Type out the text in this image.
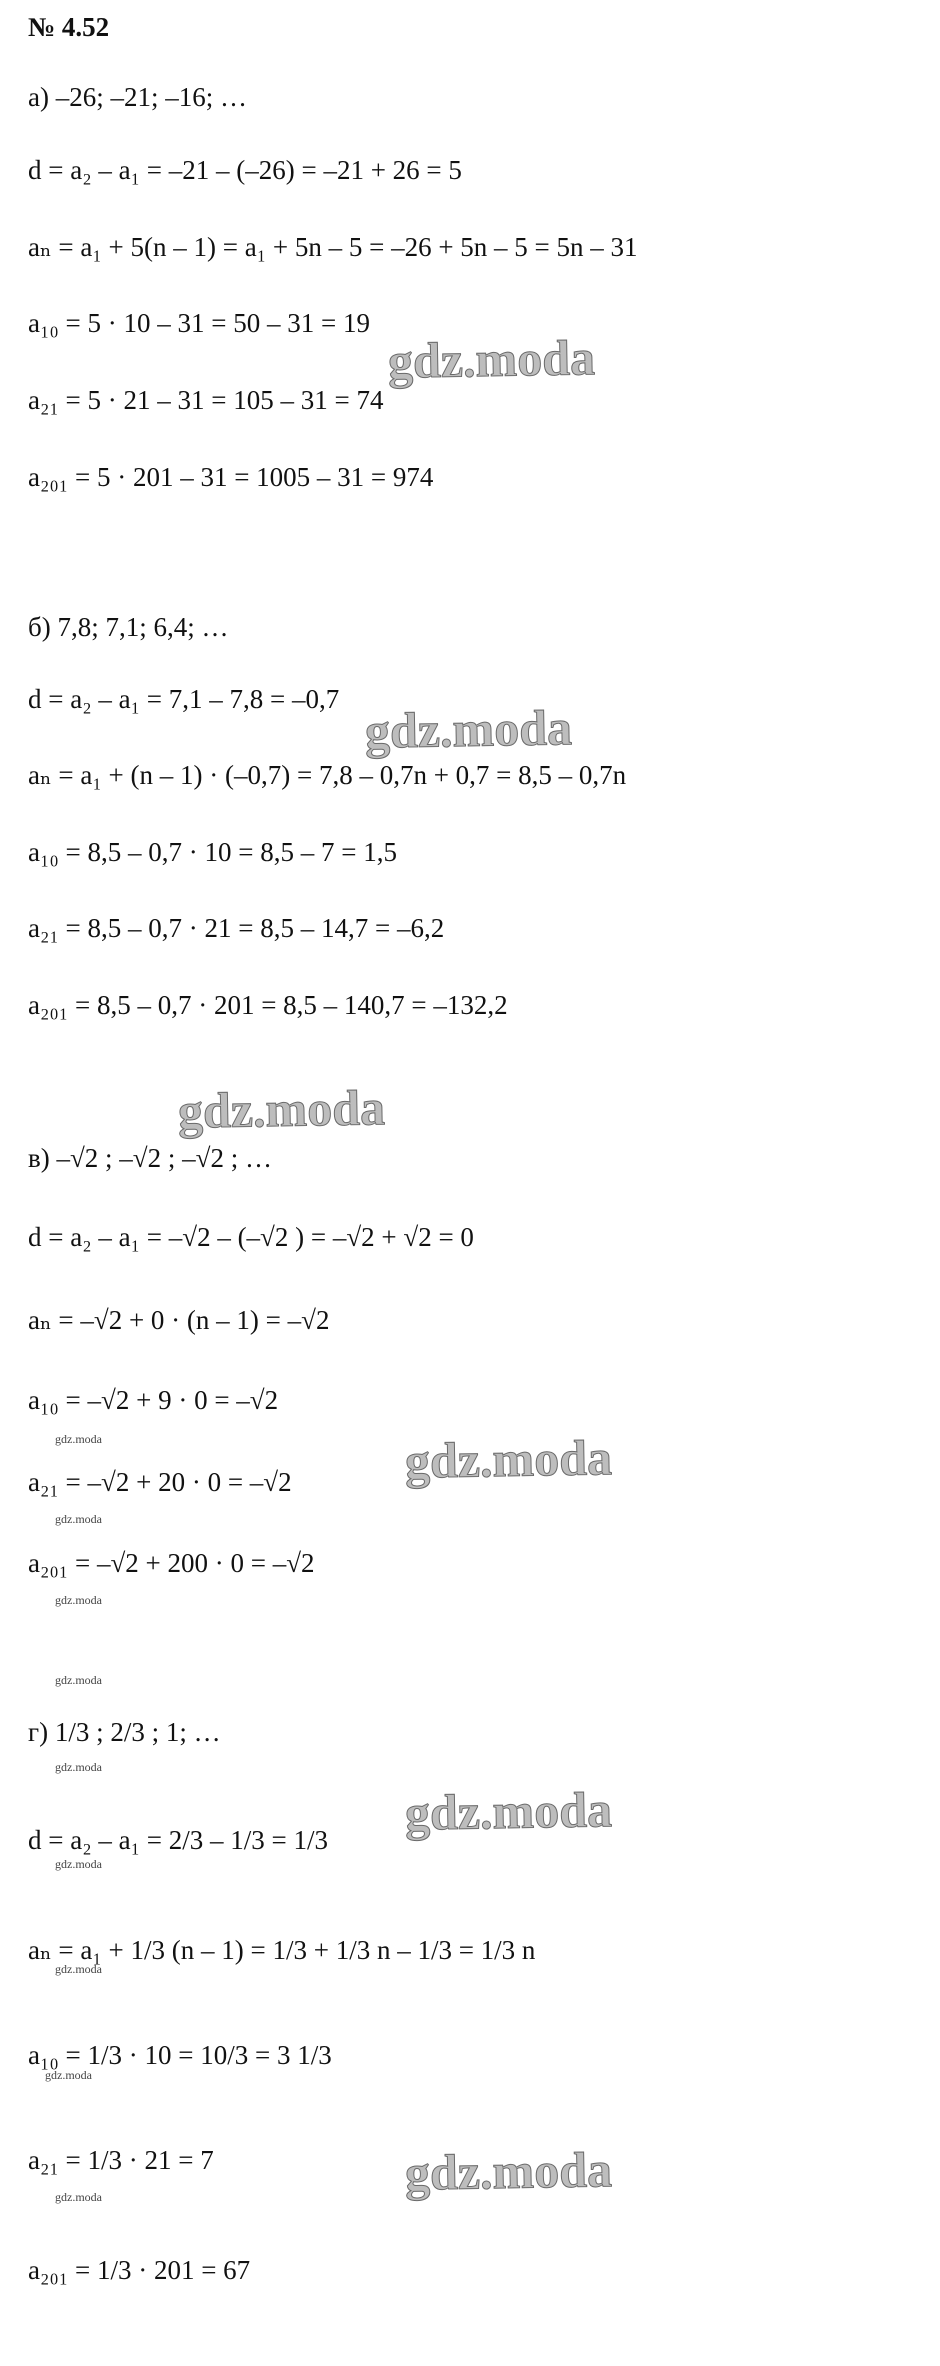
№ 4.52
а) –26; –21; –16; …
d = a₂ – a₁ = –21 – (–26) = –21 + 26 = 5
aₙ = a₁ + 5(n – 1) = a₁ + 5n – 5 = –26 + 5n – 5 = 5n – 31
a₁₀ = 5 · 10 – 31 = 50 – 31 = 19
a₂₁ = 5 · 21 – 31 = 105 – 31 = 74
a₂₀₁ = 5 · 201 – 31 = 1005 – 31 = 974
б) 7,8; 7,1; 6,4; …
d = a₂ – a₁ = 7,1 – 7,8 = –0,7
aₙ = a₁ + (n – 1) · (–0,7) = 7,8 – 0,7n + 0,7 = 8,5 – 0,7n
a₁₀ = 8,5 – 0,7 · 10 = 8,5 – 7 = 1,5
a₂₁ = 8,5 – 0,7 · 21 = 8,5 – 14,7 = –6,2
a₂₀₁ = 8,5 – 0,7 · 201 = 8,5 – 140,7 = –132,2
в) –√2 ; –√2 ; –√2 ; …
d = a₂ – a₁ = –√2 – (–√2 ) = –√2 + √2 = 0
aₙ = –√2 + 0 · (n – 1) = –√2
a₁₀ = –√2 + 9 · 0 = –√2
a₂₁ = –√2 + 20 · 0 = –√2
a₂₀₁ = –√2 + 200 · 0 = –√2
г) 1/3 ; 2/3 ; 1; …
d = a₂ – a₁ = 2/3 – 1/3 = 1/3
aₙ = a₁ + 1/3 (n – 1) = 1/3 + 1/3 n – 1/3 = 1/3 n
a₁₀ = 1/3 · 10 = 10/3 = 3 1/3
a₂₁ = 1/3 · 21 = 7
a₂₀₁ = 1/3 · 201 = 67
gdz.moda
gdz.moda
gdz.moda
gdz.moda
gdz.moda
gdz.moda
gdz.moda
gdz.moda
gdz.moda
gdz.moda
gdz.moda
gdz.moda
gdz.moda
gdz.moda
gdz.moda
